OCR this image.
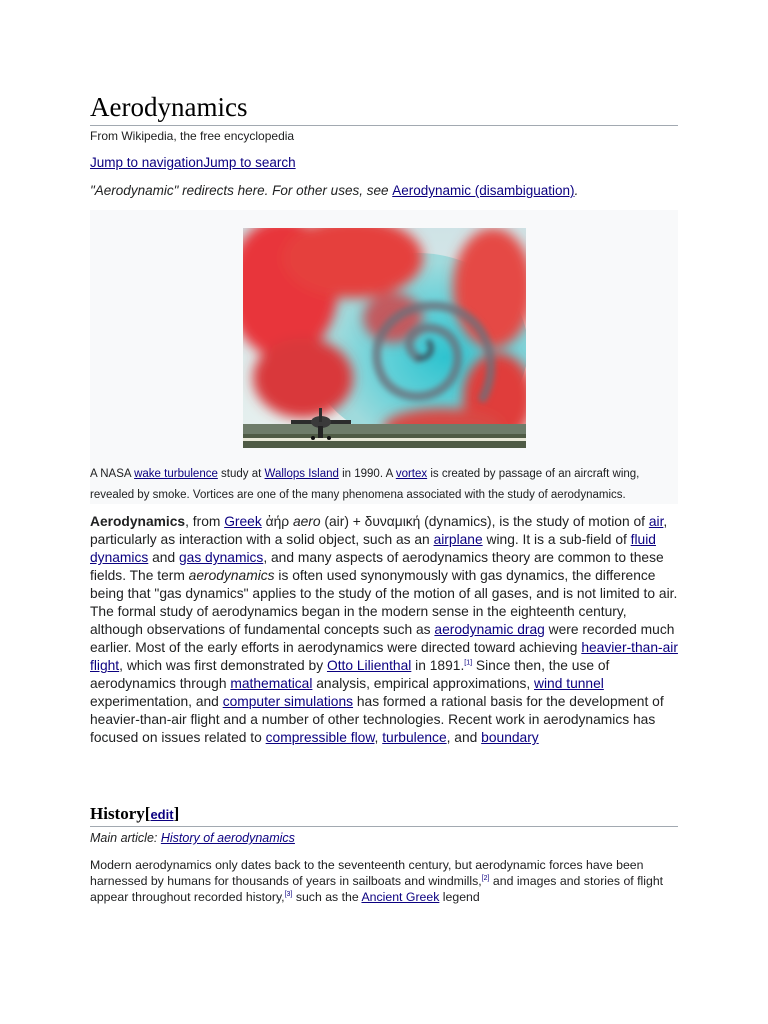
Aerodynamics
From Wikipedia, the free encyclopedia
Jump to navigationJump to search
"Aerodynamic" redirects here. For other uses, see Aerodynamic (disambiguation).
A NASA wake turbulence study at Wallops Island in 1990. A vortex is created by passage of an aircraft wing, revealed by smoke. Vortices are one of the many phenomena associated with the study of aerodynamics.

Aerodynamics, from Greek ἀήρ aero (air) + δυναμική (dynamics), is the study of motion of air, particularly as interaction with a solid object, such as an airplane wing. It is a sub-field of fluid dynamics and gas dynamics, and many aspects of aerodynamics theory are common to these fields. The term aerodynamics is often used synonymously with gas dynamics, the difference being that "gas dynamics" applies to the study of the motion of all gases, and is not limited to air. The formal study of aerodynamics began in the modern sense in the eighteenth century, although observations of fundamental concepts such as aerodynamic drag were recorded much earlier. Most of the early efforts in aerodynamics were directed toward achieving heavier-than-air flight, which was first demonstrated by Otto Lilienthal in 1891.[1] Since then, the use of aerodynamics through mathematical analysis, empirical approximations, wind tunnel experimentation, and computer simulations has formed a rational basis for the development of heavier-than-air flight and a number of other technologies. Recent work in aerodynamics has focused on issues related to compressible flow, turbulence, and boundary

History[edit]
Main article: History of aerodynamics

Modern aerodynamics only dates back to the seventeenth century, but aerodynamic forces have been harnessed by humans for thousands of years in sailboats and windmills,[2] and images and stories of flight appear throughout recorded history,[3] such as the Ancient Greek legend
